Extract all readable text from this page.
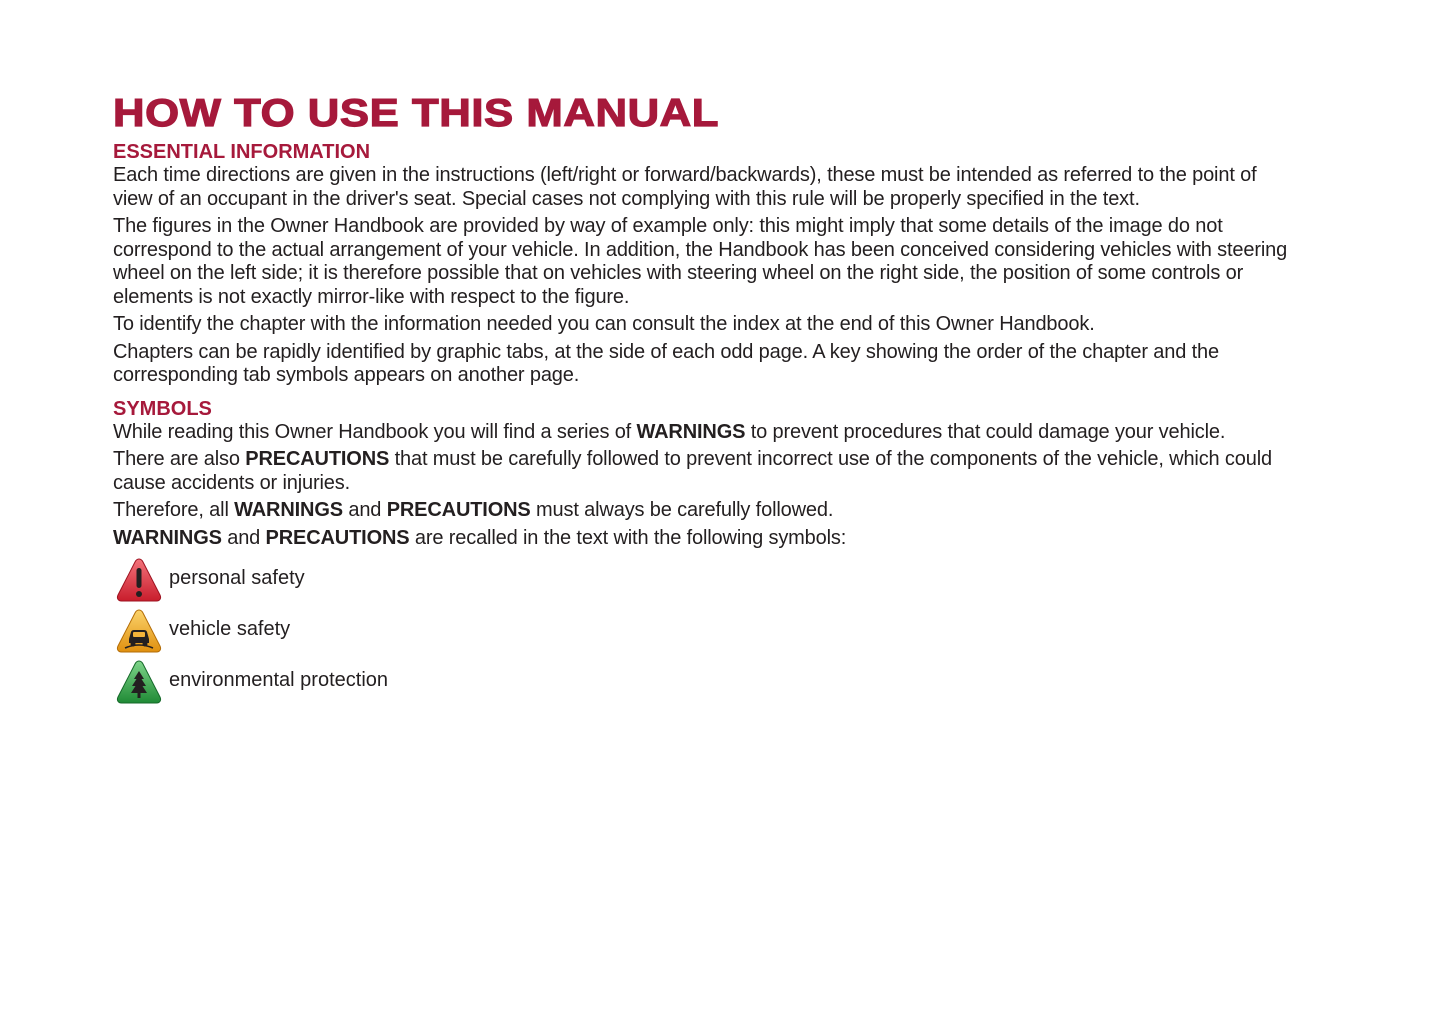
HOW TO USE THIS MANUAL
ESSENTIAL INFORMATION

Each time directions are given in the instructions (left/right or forward/backwards), these must be intended as referred to the point of view of an occupant in the driver's seat. Special cases not complying with this rule will be properly specified in the text.

The figures in the Owner Handbook are provided by way of example only: this might imply that some details of the image do not correspond to the actual arrangement of your vehicle. In addition, the Handbook has been conceived considering vehicles with steering wheel on the left side; it is therefore possible that on vehicles with steering wheel on the right side, the position of some controls or elements is not exactly mirror-like with respect to the figure.

To identify the chapter with the information needed you can consult the index at the end of this Owner Handbook.

Chapters can be rapidly identified by graphic tabs, at the side of each odd page. A key showing the order of the chapter and the corresponding tab symbols appears on another page.

SYMBOLS

While reading this Owner Handbook you will find a series of WARNINGS to prevent procedures that could damage your vehicle.

There are also PRECAUTIONS that must be carefully followed to prevent incorrect use of the components of the vehicle, which could cause accidents or injuries.

Therefore, all WARNINGS and PRECAUTIONS must always be carefully followed.

WARNINGS and PRECAUTIONS are recalled in the text with the following symbols:

personal safety
vehicle safety
environmental protection
